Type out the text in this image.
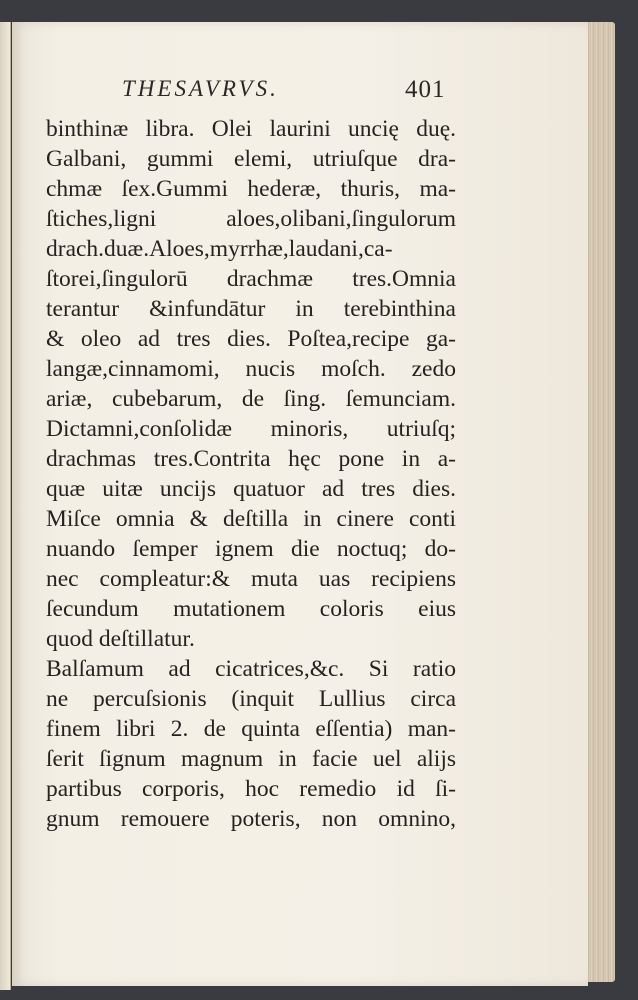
THESAVRVS.	401
binthinæ libra. Olei laurini uncię duę.
Galbani, gummi elemi, utriuſque dra-
chmæ ſex.Gummi hederæ, thuris, ma-
ſtiches,ligni aloes,olibani,ſingulorum
drach.duæ.Aloes,myrrhæ,laudani,ca-
ſtorei,ſingulorū drachmæ tres.Omnia
terantur &infundātur in terebinthina
& oleo ad tres dies. Poſtea,recipe ga-
langæ,cinnamomi, nucis moſch. zedo
ariæ, cubebarum, de ſing. ſemunciam.
Dictamni,conſolidæ minoris, utriuſq;
drachmas tres.Contrita hęc pone in a-
quæ uitæ uncijs quatuor ad tres dies.
Miſce omnia & deſtilla in cinere conti
nuando ſemper ignem die noctuq; do-
nec compleatur:& muta uas recipiens
ſecundum mutationem coloris eius
quod deſtillatur.
Balſamum ad cicatrices,&c. Si ratio
ne percuſsionis (inquit Lullius circa
finem libri 2. de quinta eſſentia) man-
ſerit ſignum magnum in facie uel alijs
partibus corporis, hoc remedio id ſi-
gnum remouere poteris, non omnino,
